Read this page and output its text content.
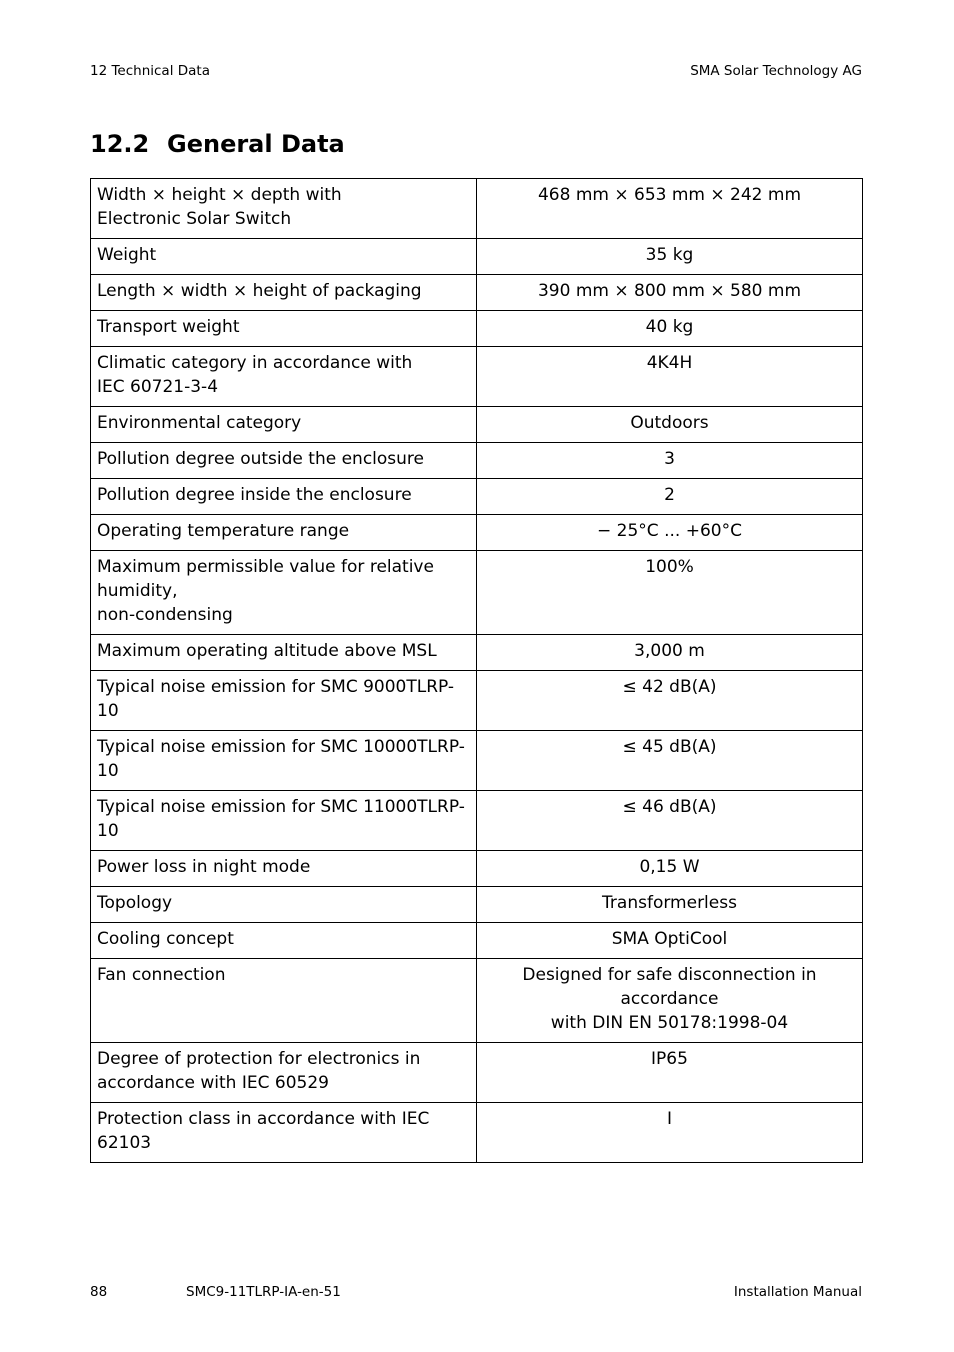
12 Technical Data	SMA Solar Technology AG
12.2 General Data
Width × height × depth with
Electronic Solar Switch	468 mm × 653 mm × 242 mm
Weight	35 kg
Length × width × height of packaging	390 mm × 800 mm × 580 mm
Transport weight	40 kg
Climatic category in accordance with
IEC 60721-3-4	4K4H
Environmental category	Outdoors
Pollution degree outside the enclosure	3
Pollution degree inside the enclosure	2
Operating temperature range	− 25°C ... +60°C
Maximum permissible value for relative humidity,
non-condensing	100%
Maximum operating altitude above MSL	3,000 m
Typical noise emission for SMC 9000TLRP-10	≤ 42 dB(A)
Typical noise emission for SMC 10000TLRP-10	≤ 45 dB(A)
Typical noise emission for SMC 11000TLRP-10	≤ 46 dB(A)
Power loss in night mode	0,15 W
Topology	Transformerless
Cooling concept	SMA OptiCool
Fan connection	Designed for safe disconnection in accordance
with DIN EN 50178:1998-04
Degree of protection for electronics in
accordance with IEC 60529	IP65
Protection class in accordance with IEC 62103	I
88	SMC9-11TLRP-IA-en-51	Installation Manual
